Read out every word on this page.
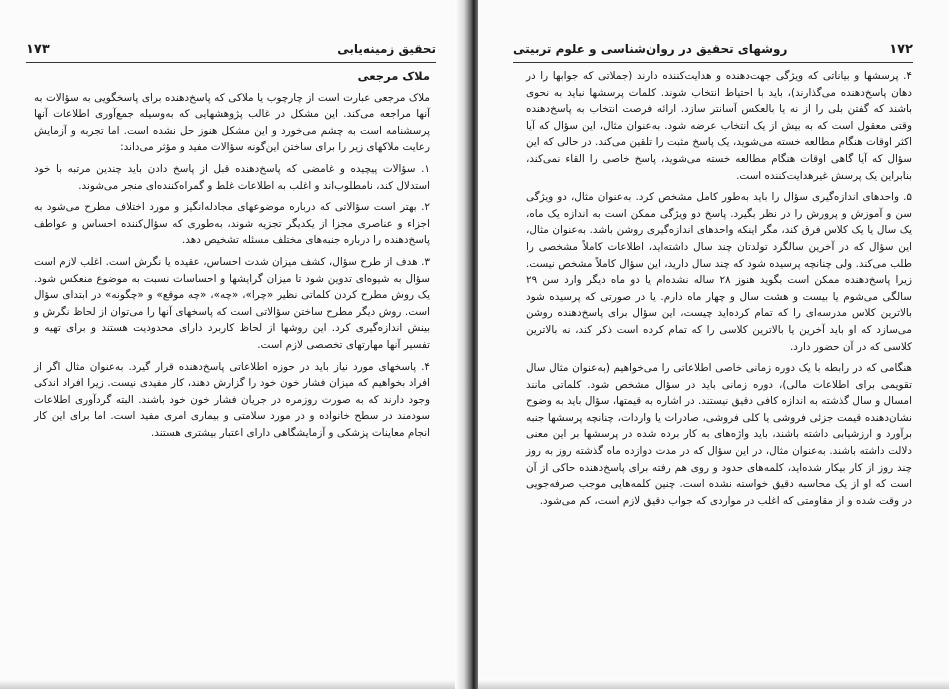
تحقیق زمینه‌یابی
۱۷۳

ملاک مرجعی

ملاک مرجعی عبارت است از چارچوب یا ملاکی که پاسخ‌دهنده برای پاسخگویی به سؤالات به آنها مراجعه می‌کند. این مشکل در غالب پژوهشهایی که به‌وسیله جمع‌آوری اطلاعات آنها پرسشنامه است به چشم می‌خورد و این مشکل هنوز حل نشده است. اما تجربه و آزمایش رعایت ملاکهای زیر را برای ساختن این‌گونه سؤالات مفید و مؤثر می‌داند:

۱. سؤالات پیچیده و غامضی که پاسخ‌دهنده قبل از پاسخ دادن باید چندین مرتبه با خود استدلال کند، نامطلوب‌اند و اغلب به اطلاعات غلط و گمراه‌کننده‌ای منجر می‌شوند.

۲. بهتر است سؤالاتی که درباره موضوعهای مجادله‌انگیز و مورد اختلاف مطرح می‌شود به اجزاء و عناصری مجزا از یکدیگر تجزیه شوند، به‌طوری که سؤال‌کننده احساس و عواطف پاسخ‌دهنده را درباره جنبه‌های مختلف مسئله تشخیص دهد.

۳. هدف از طرح سؤال، کشف میزان شدت احساس، عقیده یا نگرش است. اغلب لازم است سؤال به شیوه‌ای تدوین شود تا میزان گرایشها و احساسات نسبت به موضوع منعکس شود. یک روش مطرح کردن کلماتی نظیر «چرا»، «چه»، «چه موقع» و «چگونه» در ابتدای سؤال است. روش دیگر مطرح ساختن سؤالاتی است که پاسخهای آنها را می‌توان از لحاظ نگرش و بینش اندازه‌گیری کرد. این روشها از لحاظ کاربرد دارای محدودیت هستند و برای تهیه و تفسیر آنها مهارتهای تخصصی لازم است.

۴. پاسخهای مورد نیاز باید در حوزه اطلاعاتی پاسخ‌دهنده قرار گیرد. به‌عنوان مثال اگر از افراد بخواهیم که میزان فشار خون خود را گزارش دهند، کار مفیدی نیست. زیرا افراد اندکی وجود دارند که به صورت روزمره در جریان فشار خون خود باشند. البته گردآوری اطلاعات سودمند در سطح خانواده و در مورد سلامتی و بیماری امری مفید است. اما برای این کار انجام معاینات پزشکی و آزمایشگاهی دارای اعتبار بیشتری هستند.

۱۷۲
روشهای تحقیق در روان‌شناسی و علوم تربیتی

۴. پرسشها و بیاناتی که ویژگی جهت‌دهنده و هدایت‌کننده دارند (جملاتی که جوابها را در دهان پاسخ‌دهنده می‌گذارند)، باید با احتیاط انتخاب شوند. کلمات پرسشها نباید به نحوی باشند که گفتن بلی را از نه یا بالعکس آسانتر سازد. ارائه فرصت انتخاب به پاسخ‌دهنده وقتی معقول است که به بیش از یک انتخاب عرضه شود. به‌عنوان مثال، این سؤال که آیا اکثر اوقات هنگام مطالعه خسته می‌شوید، یک پاسخ مثبت را تلقین می‌کند. در حالی که این سؤال که آیا گاهی اوقات هنگام مطالعه خسته می‌شوید، پاسخ خاصی را القاء نمی‌کند، بنابراین یک پرسش غیرهدایت‌کننده است.

۵. واحدهای اندازه‌گیری سؤال را باید به‌طور کامل مشخص کرد. به‌عنوان مثال، دو ویژگی سن و آموزش و پرورش را در نظر بگیرد. پاسخ دو ویژگی ممکن است به اندازه یک ماه، یک سال یا یک کلاس فرق کند، مگر اینکه واحدهای اندازه‌گیری روشن باشد. به‌عنوان مثال، این سؤال که در آخرین سالگرد تولدتان چند سال داشته‌اید، اطلاعات کاملاً مشخصی را طلب می‌کند. ولی چنانچه پرسیده شود که چند سال دارید، این سؤال کاملاً مشخص نیست. زیرا پاسخ‌دهنده ممکن است بگوید هنوز ۲۸ ساله نشده‌ام یا دو ماه دیگر وارد سن ۲۹ سالگی می‌شوم یا بیست و هشت سال و چهار ماه دارم. یا در صورتی که پرسیده شود بالاترین کلاس مدرسه‌ای را که تمام کرده‌اید چیست، این سؤال برای پاسخ‌دهنده روشن می‌سازد که او باید آخرین یا بالاترین کلاسی را که تمام کرده است ذکر کند، نه بالاترین کلاسی که در آن حضور دارد.

هنگامی که در رابطه با یک دوره زمانی خاصی اطلاعاتی را می‌خواهیم (به‌عنوان مثال سال تقویمی برای اطلاعات مالی)، دوره زمانی باید در سؤال مشخص شود. کلماتی مانند امسال و سال گذشته به اندازه کافی دقیق نیستند. در اشاره به قیمتها، سؤال باید به وضوح نشان‌دهنده قیمت جزئی فروشی یا کلی فروشی، صادرات یا واردات، چنانچه پرسشها جنبه برآورد و ارزشیابی داشته باشند، باید واژه‌های به کار برده شده در پرسشها بر این معنی دلالت داشته باشند. به‌عنوان مثال، در این سؤال که در مدت دوازده ماه گذشته روز به روز چند روز از کار بیکار شده‌اید، کلمه‌های حدود و روی هم رفته برای پاسخ‌دهنده حاکی از آن است که او از یک محاسبه دقیق خواسته نشده است. چنین کلمه‌هایی موجب صرفه‌جویی در وقت شده و از مقاومتی که اغلب در مواردی که جواب دقیق لازم است، کم می‌شود.
